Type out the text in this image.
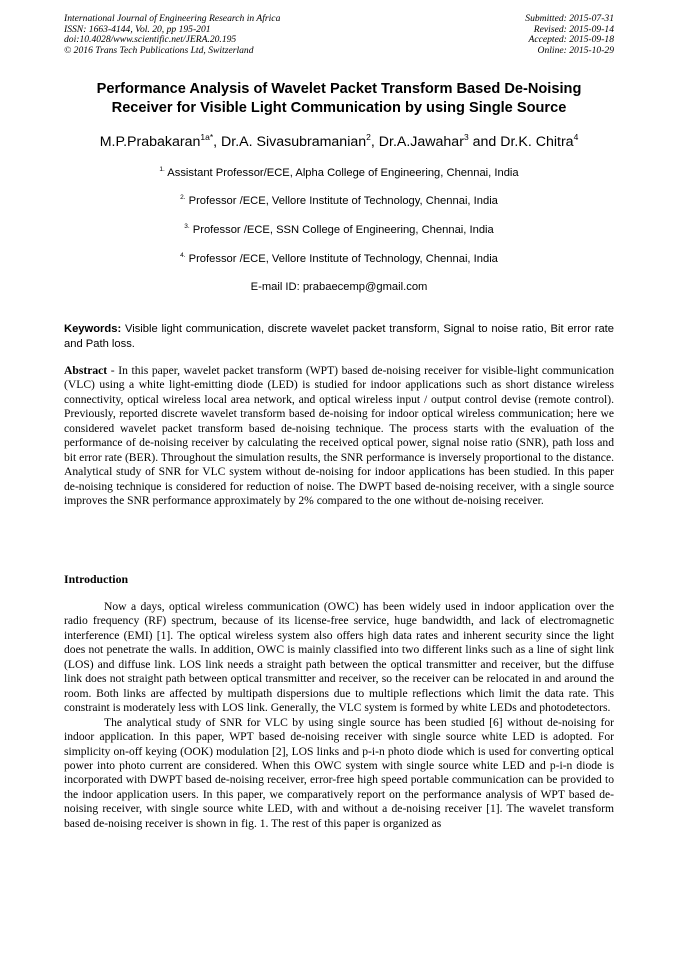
International Journal of Engineering Research in Africa
ISSN: 1663-4144, Vol. 20, pp 195-201
doi:10.4028/www.scientific.net/JERA.20.195
© 2016 Trans Tech Publications Ltd, Switzerland
Submitted: 2015-07-31
Revised: 2015-09-14
Accepted: 2015-09-18
Online: 2015-10-29
Performance Analysis of Wavelet Packet Transform Based De-Noising
Receiver for Visible Light Communication by using Single Source
M.P.Prabakaran$^{1a*}$, Dr.A. Sivasubramanian$^2$, Dr.A.Jawahar$^3$ and Dr.K. Chitra$^4$
$^{1.}$ Assistant Professor/ECE, Alpha College of Engineering, Chennai, India
$^{2.}$ Professor /ECE, Vellore Institute of Technology, Chennai, India
$^{3.}$ Professor /ECE, SSN College of Engineering, Chennai, India
$^{4.}$ Professor /ECE, Vellore Institute of Technology, Chennai, India
E-mail ID: prabaecemp@gmail.com
Keywords: Visible light communication, discrete wavelet packet transform, Signal to noise ratio, Bit error rate and Path loss.
Abstract - In this paper, wavelet packet transform (WPT) based de-noising receiver for visible-light communication (VLC) using a white light-emitting diode (LED) is studied for indoor applications such as short distance wireless connectivity, optical wireless local area network, and optical wireless input / output control devise (remote control). Previously, reported discrete wavelet transform based de-noising for indoor optical wireless communication; here we considered wavelet packet transform based de-noising technique. The process starts with the evaluation of the performance of de-noising receiver by calculating the received optical power, signal noise ratio (SNR), path loss and bit error rate (BER). Throughout the simulation results, the SNR performance is inversely proportional to the distance. Analytical study of SNR for VLC system without de-noising for indoor applications has been studied. In this paper de-noising technique is considered for reduction of noise. The DWPT based de-noising receiver, with a single source improves the SNR performance approximately by 2% compared to the one without de-noising receiver.
Introduction

Now a days, optical wireless communication (OWC) has been widely used in indoor application over the radio frequency (RF) spectrum, because of its license-free service, huge bandwidth, and lack of electromagnetic interference (EMI) [1]. The optical wireless system also offers high data rates and inherent security since the light does not penetrate the walls. In addition, OWC is mainly classified into two different links such as a line of sight link (LOS) and diffuse link. LOS link needs a straight path between the optical transmitter and receiver, but the diffuse link does not straight path between optical transmitter and receiver, so the receiver can be relocated in and around the room. Both links are affected by multipath dispersions due to multiple reflections which limit the data rate. This constraint is moderately less with LOS link. Generally, the VLC system is formed by white LEDs and photodetectors.

The analytical study of SNR for VLC by using single source has been studied [6] without de-noising for indoor application. In this paper, WPT based de-noising receiver with single source white LED is adopted. For simplicity on-off keying (OOK) modulation [2], LOS links and p-i-n photo diode which is used for converting optical power into photo current are considered. When this OWC system with single source white LED and p-i-n diode is incorporated with DWPT based de-noising receiver, error-free high speed portable communication can be provided to the indoor application users. In this paper, we comparatively report on the performance analysis of WPT based de-noising receiver, with single source white LED, with and without a de-noising receiver [1]. The wavelet transform based de-noising receiver is shown in fig. 1. The rest of this paper is organized as
